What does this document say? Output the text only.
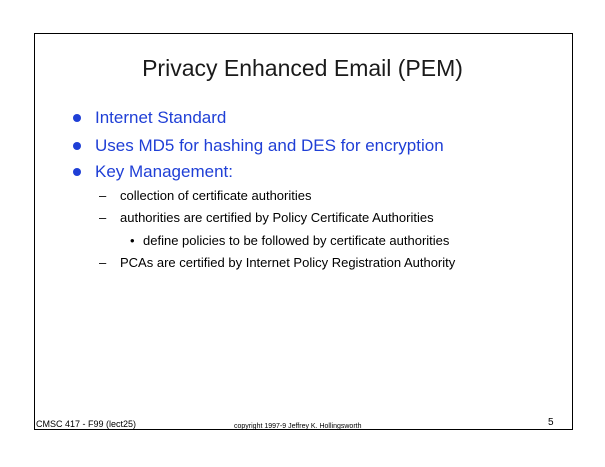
Privacy Enhanced Email (PEM)
Internet Standard
Uses MD5 for hashing and DES for encryption
Key Management:
– collection of certificate authorities
– authorities are certified by Policy Certificate Authorities
• define policies to be followed by certificate authorities
– PCAs are certified by Internet Policy Registration Authority
CMSC 417 - F99 (lect25)	copyright 1997-9 Jeffrey K. Hollingsworth	5
